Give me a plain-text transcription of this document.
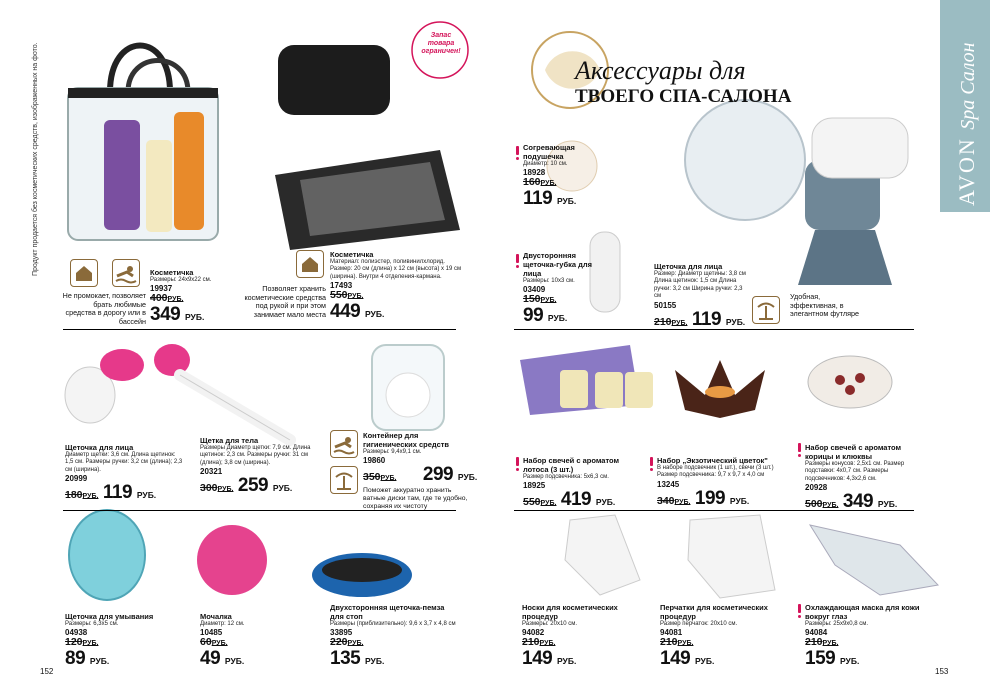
Продукт продается без косметических средств, изображенных на фото.	AVON Spa Салон
Запас
товара
ограничен!
Аксессуары для
ТВОЕГО СПА-САЛОНА
Косметичка
Размеры: 24x9x22 см.
19937
400РУБ.
349 РУБ.
Не промокает, позволяет брать любимые средства в дорогу или в бассейн
Косметичка
Материал: полиэстер, поливинилхлорид. Размер: 20 см (длина) x 12 см (высота) x 19 см (ширина). Внутри 4 отделения-кармана.
17493
550РУБ.
449 РУБ.
Позволяет хранить косметические средства под рукой и при этом занимает мало места
Согревающая подушечка
Диаметр: 10 см.
18928
160РУБ.
119 РУБ.
Двусторонняя щеточка-губка для лица
Размеры: 10x3 см.
03409
150РУБ.
99 РУБ.
Щеточка для лица
Размер: Диаметр щетины: 3,8 см Длина щетинок: 1,5 см Длина ручки: 3,2 см Ширина ручки: 2,3 см
50155
210РУБ. 119 РУБ.
Удобная, эффективная, в элегантном футляре
Щеточка для лица
Диаметр щетки: 3,6 см. Длина щетинок: 1,5 см. Размеры ручки: 3,2 см (длина); 2,3 см (ширина).
20999
180РУБ. 119 РУБ.
Щетка для тела
Размеры Диаметр щетки: 7,9 см. Длина щетинок: 2,3 см. Размеры ручки: 31 см (длина); 3,8 см (ширина).
20321
300РУБ. 259 РУБ.
Контейнер для гигиенических средств
Размеры: 9,4x9,1 см.
19860
350РУБ. 299 РУБ.
Поможет аккуратно хранить ватные диски там, где те удобно, сохраняя их чистоту
Набор свечей с ароматом лотоса (3 шт.)
Размер подсвечника: 5x6,3 см.
18925
550РУБ. 419 РУБ.
Набор „Экзотический цветок"
В наборе подсвечник (1 шт.), свечи (3 шт.) Размер подсвечника: 9,7 x 9,7 x 4,0 см
13245
340РУБ. 199 РУБ.
Набор свечей с ароматом корицы и клюквы
Размеры конусов: 2,5x1 см. Размер подставки: 4x0,7 см. Размеры подсвечников: 4,3x2,6 см.
20928
500РУБ. 349 РУБ.
Щеточка для умывания
Размеры: 6,3x5 см.
04938
120РУБ.
89 РУБ.
Мочалка
Диаметр: 12 см.
10485
60РУБ.
49 РУБ.
Двухсторонняя щеточка-пемза для стоп
Размеры (приблизительно): 9,6 x 3,7 x 4,8 см
33895
220РУБ.
135 РУБ.
Носки для косметических процедур
Размеры: 20x10 см.
94082
210РУБ.
149 РУБ.
Перчатки для косметических процедур
Размер перчаток: 20x10 см.
94081
210РУБ.
149 РУБ.
Охлаждающая маска для кожи вокруг глаз
Размеры: 25x9x0,8 см.
94084
210РУБ.
159 РУБ.
152	153
